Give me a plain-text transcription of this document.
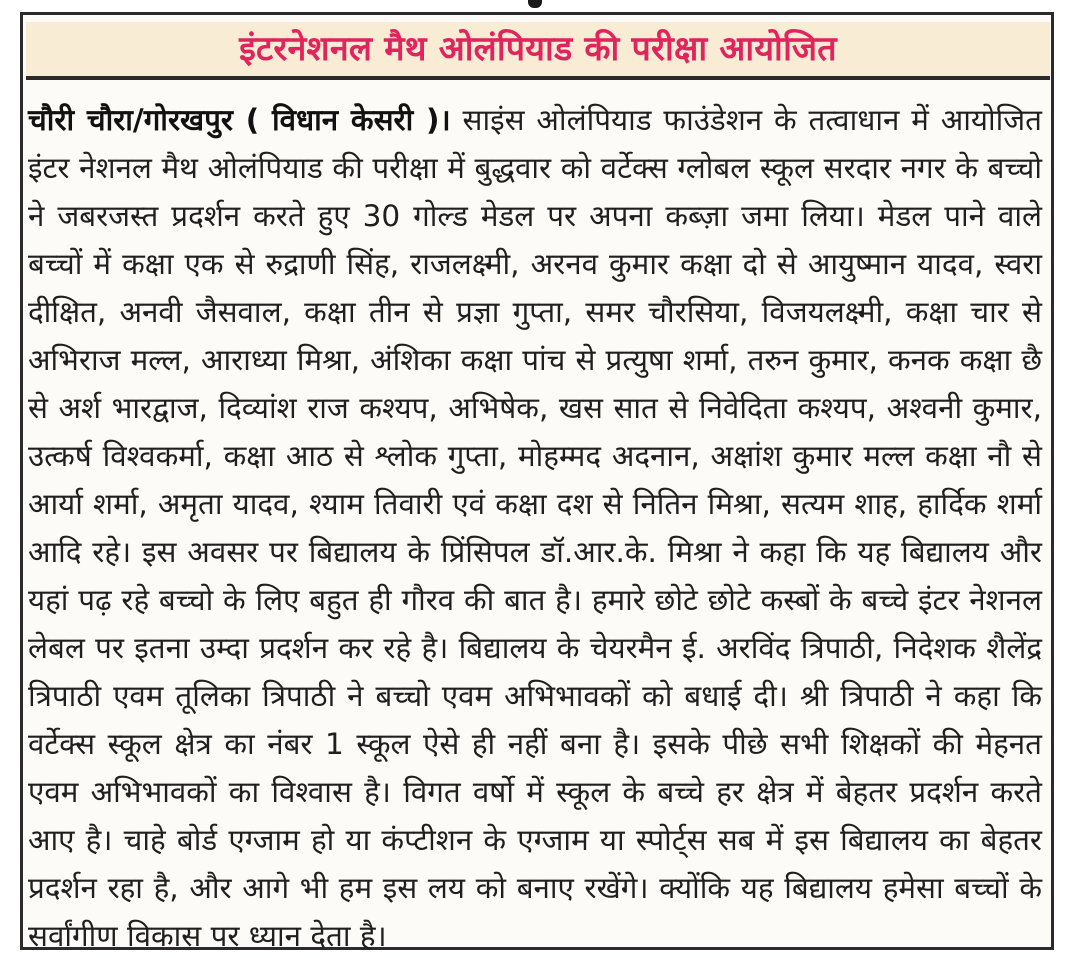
इंटरनेशनल मैथ ओलंपियाड की परीक्षा आयोजित
चौरी चौरा/गोरखपुर ( विधान केसरी )। साइंस ओलंपियाड फाउंडेशन के तत्वाधान में आयोजित इंटर नेशनल मैथ ओलंपियाड की परीक्षा में बुद्धवार को वर्टेक्स ग्लोबल स्कूल सरदार नगर के बच्चो ने जबरजस्त प्रदर्शन करते हुए 30 गोल्ड मेडल पर अपना कब्ज़ा जमा लिया। मेडल पाने वाले बच्चों में कक्षा एक से रुद्राणी सिंह, राजलक्ष्मी, अरनव कुमार कक्षा दो से आयुष्मान यादव, स्वरा दीक्षित, अनवी जैसवाल, कक्षा तीन से प्रज्ञा गुप्ता, समर चौरसिया, विजयलक्ष्मी, कक्षा चार से अभिराज मल्ल, आराध्या मिश्रा, अंशिका कक्षा पांच से प्रत्युषा शर्मा, तरुन कुमार, कनक कक्षा छै से अर्श भारद्वाज, दिव्यांश राज कश्यप, अभिषेक, खस सात से निवेदिता कश्यप, अश्वनी कुमार, उत्कर्ष विश्वकर्मा, कक्षा आठ से श्लोक गुप्ता, मोहम्मद अदनान, अक्षांश कुमार मल्ल कक्षा नौ से आर्या शर्मा, अमृता यादव, श्याम तिवारी एवं कक्षा दश से नितिन मिश्रा, सत्यम शाह, हार्दिक शर्मा आदि रहे। इस अवसर पर बिद्यालय के प्रिंसिपल डॉ.आर.के. मिश्रा ने कहा कि यह बिद्यालय और यहां पढ़ रहे बच्चो के लिए बहुत ही गौरव की बात है। हमारे छोटे छोटे कस्बों के बच्चे इंटर नेशनल लेबल पर इतना उम्दा प्रदर्शन कर रहे है। बिद्यालय के चेयरमैन ई. अरविंद त्रिपाठी, निदेशक शैलेंद्र त्रिपाठी एवम तूलिका त्रिपाठी ने बच्चो एवम अभिभावकों को बधाई दी। श्री त्रिपाठी ने कहा कि वर्टेक्स स्कूल क्षेत्र का नंबर 1 स्कूल ऐसे ही नहीं बना है। इसके पीछे सभी शिक्षकों की मेहनत एवम अभिभावकों का विश्वास है। विगत वर्षो में स्कूल के बच्चे हर क्षेत्र में बेहतर प्रदर्शन करते आए है। चाहे बोर्ड एग्जाम हो या कंप्टीशन के एग्जाम या स्पोर्ट्स सब में इस बिद्यालय का बेहतर प्रदर्शन रहा है, और आगे भी हम इस लय को बनाए रखेंगे। क्योंकि यह बिद्यालय हमेसा बच्चों के सर्वांगीण विकास पर ध्यान देता है।
